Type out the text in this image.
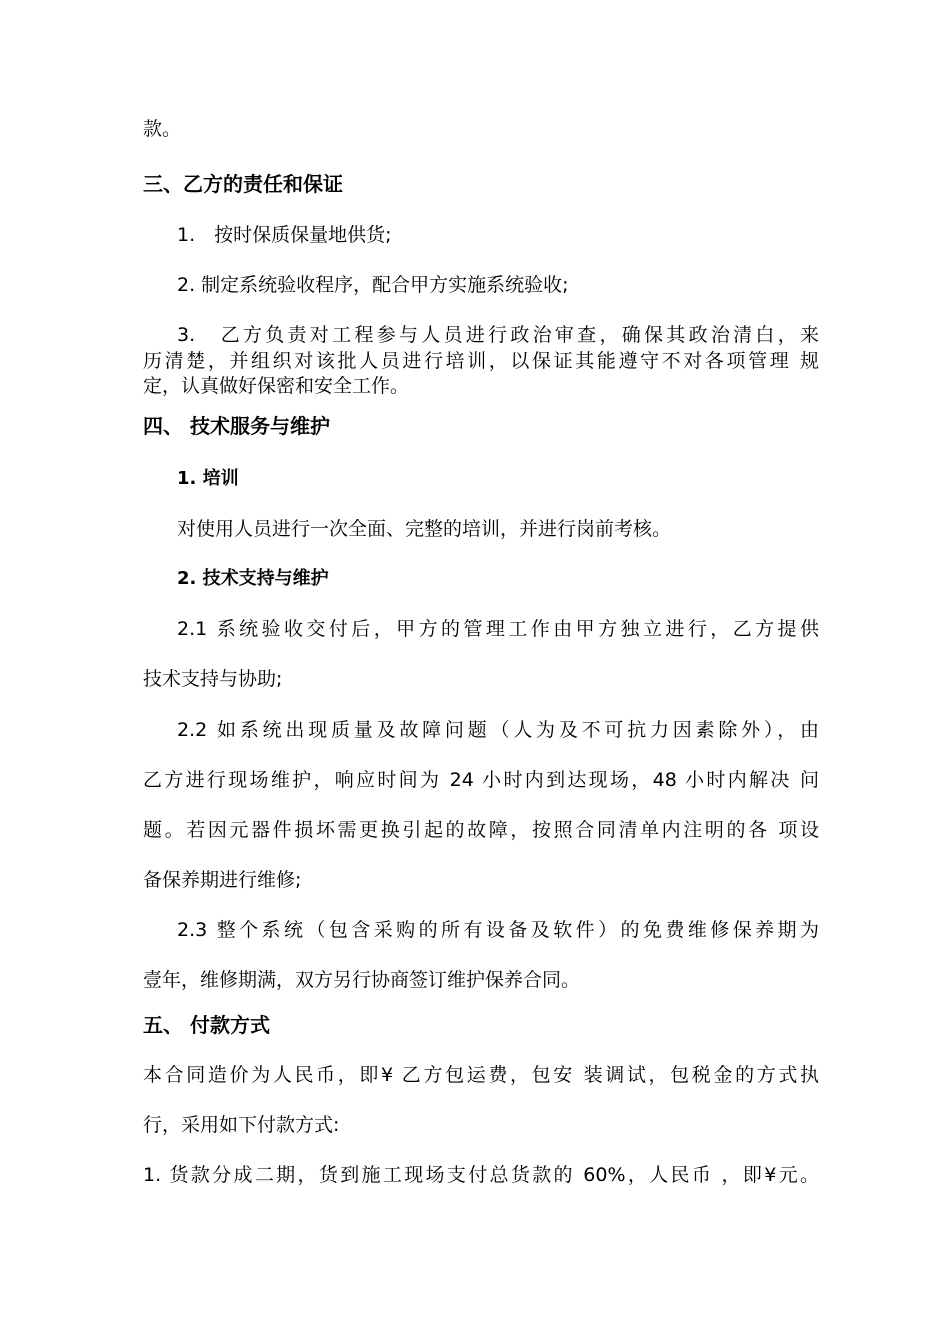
款。
三、乙方的责任和保证
1.　按时保质保量地供货;
2. 制定系统验收程序，配合甲方实施系统验收;
3.　乙方负责对工程参与人员进行政治审查，确保其政治清白，来
历清楚，并组织对该批人员进行培训，以保证其能遵守不对各项管理 规
定，认真做好保密和安全工作。
四、 技术服务与维护
1. 培训
对使用人员进行一次全面、完整的培训，并进行岗前考核。
2. 技术支持与维护
2.1 系统验收交付后，甲方的管理工作由甲方独立进行，乙方提供
技术支持与协助;
2.2 如系统出现质量及故障问题（人为及不可抗力因素除外），由
乙方进行现场维护，响应时间为 24 小时内到达现场，48 小时内解决 问
题。若因元器件损坏需更换引起的故障，按照合同清单内注明的各 项设
备保养期进行维修;
2.3 整个系统（包含采购的所有设备及软件）的免费维修保养期为
壹年，维修期满，双方另行协商签订维护保养合同。
五、 付款方式
本合同造价为人民币，即¥ 乙方包运费，包安 装调试，包税金的方式执
行，采用如下付款方式:
1. 货款分成二期，货到施工现场支付总货款的 60%，人民币 ，即¥元。
